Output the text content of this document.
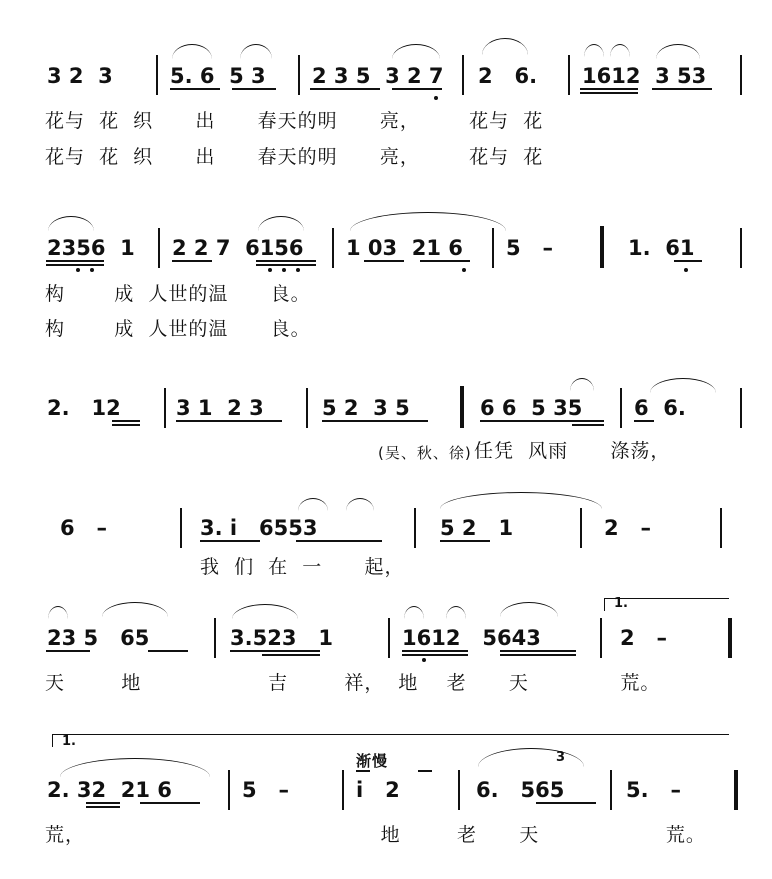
3 2  3	5. 6  5 3 2 3 5  3 2 7 2   6. 1612  3 53
花与  花  织      出      春天的明      亮，       花与  花
花与  花  织      出      春天的明      亮，       花与  花
2356  1 2 2 7  6156 1 03  21 6 5   –	1.  61
构       成  人世的温      良。
构       成  人世的温      良。
2.   12	3 1  2 3	5 2  3 5	6 6  5 35 6  6.
(吴、秋、徐) 任凭  风雨      涤荡，
6   –	3. i   6553	5 2   1	2   –
我  们  在  一      起，
23 5   65	3.523   1	1612   5643	2   –
1.
天        地                  吉        祥，  地    老      天             荒。
1.
渐慢	3
2. 32  21 6	5   –	i   2	6.   565	5.   –
荒，                                          地        老      天                  荒。
